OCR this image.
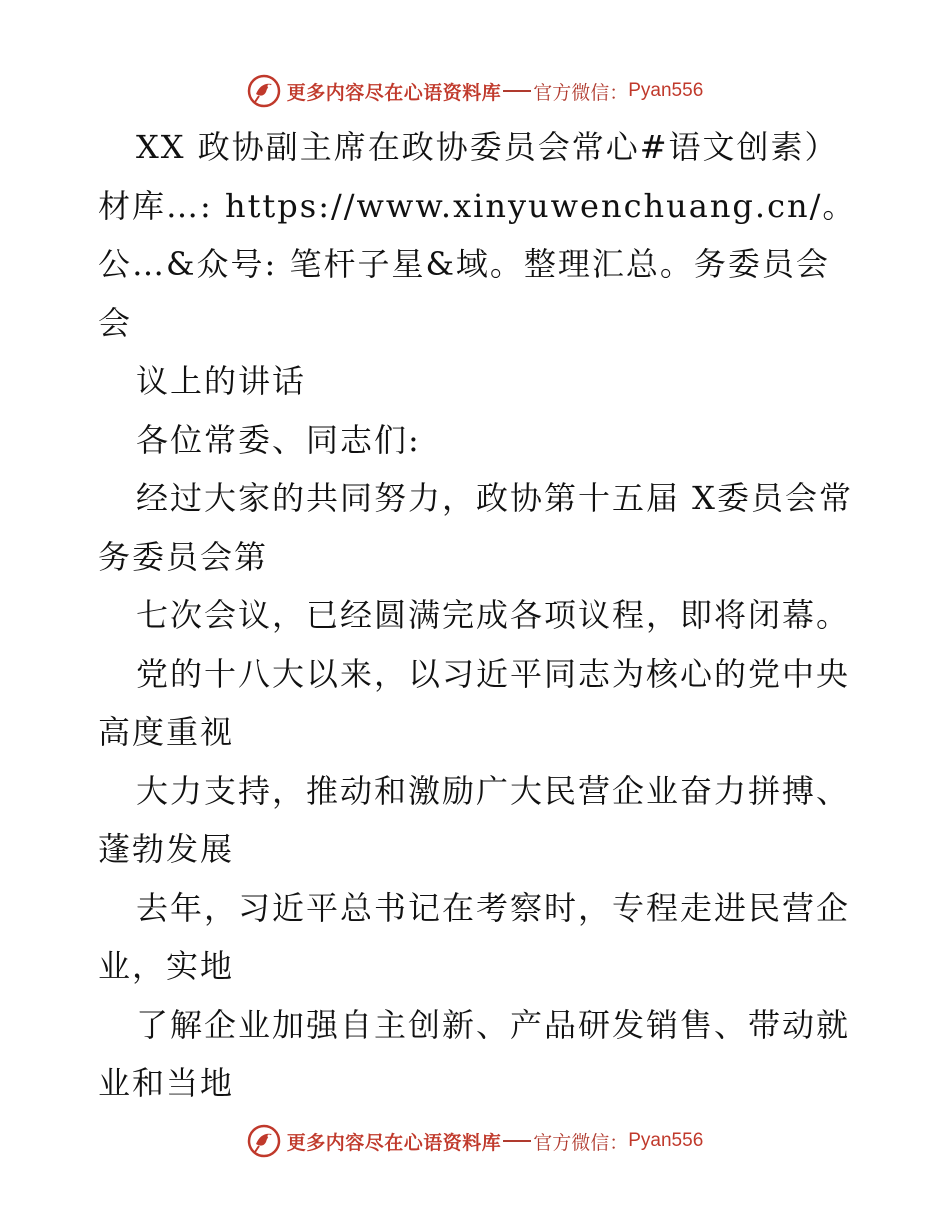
更多内容尽在心语资料库 官方微信： Pyan556

XX 政协副主席在政协委员会常心#语文创素）材库…: https://www.xinyuwenchuang.cn/。公…&众号: 笔杆子星&域。整理汇总。务委员会会

议上的讲话

各位常委、同志们:

经过大家的共同努力，政协第十五届 X委员会常务委员会第

七次会议，已经圆满完成各项议程，即将闭幕。

党的十八大以来，以习近平同志为核心的党中央高度重视

大力支持，推动和激励广大民营企业奋力拼搏、蓬勃发展

去年，习近平总书记在考察时，专程走进民营企业，实地

了解企业加强自主创新、产品研发销售、带动就业和当地

更多内容尽在心语资料库 官方微信： Pyan556
